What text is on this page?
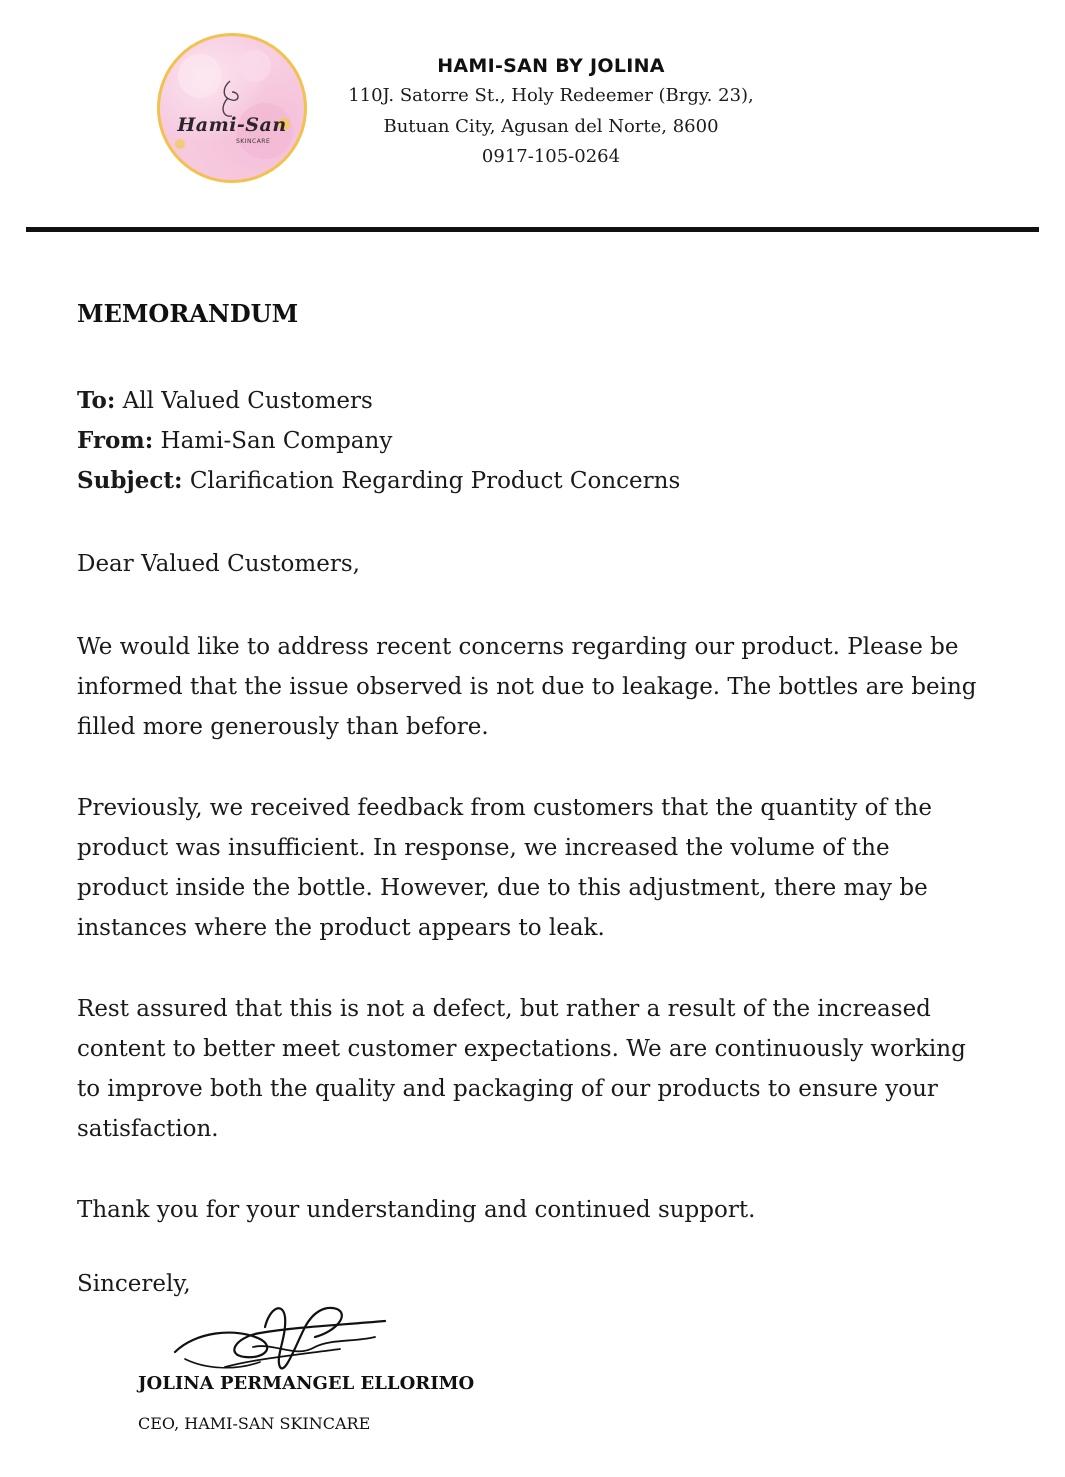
Hami-San
SKINCARE
HAMI-SAN BY JOLINA
110J. Satorre St., Holy Redeemer (Brgy. 23),
Butuan City, Agusan del Norte, 8600
0917-105-0264
MEMORANDUM
To: All Valued Customers
From: Hami-San Company
Subject: Clarification Regarding Product Concerns
Dear Valued Customers,
We would like to address recent concerns regarding our product. Please be
informed that the issue observed is not due to leakage. The bottles are being
filled more generously than before.
Previously, we received feedback from customers that the quantity of the
product was insufficient. In response, we increased the volume of the
product inside the bottle. However, due to this adjustment, there may be
instances where the product appears to leak.
Rest assured that this is not a defect, but rather a result of the increased
content to better meet customer expectations. We are continuously working
to improve both the quality and packaging of our products to ensure your
satisfaction.
Thank you for your understanding and continued support.
Sincerely,
JOLINA PERMANGEL ELLORIMO
CEO, HAMI-SAN SKINCARE
